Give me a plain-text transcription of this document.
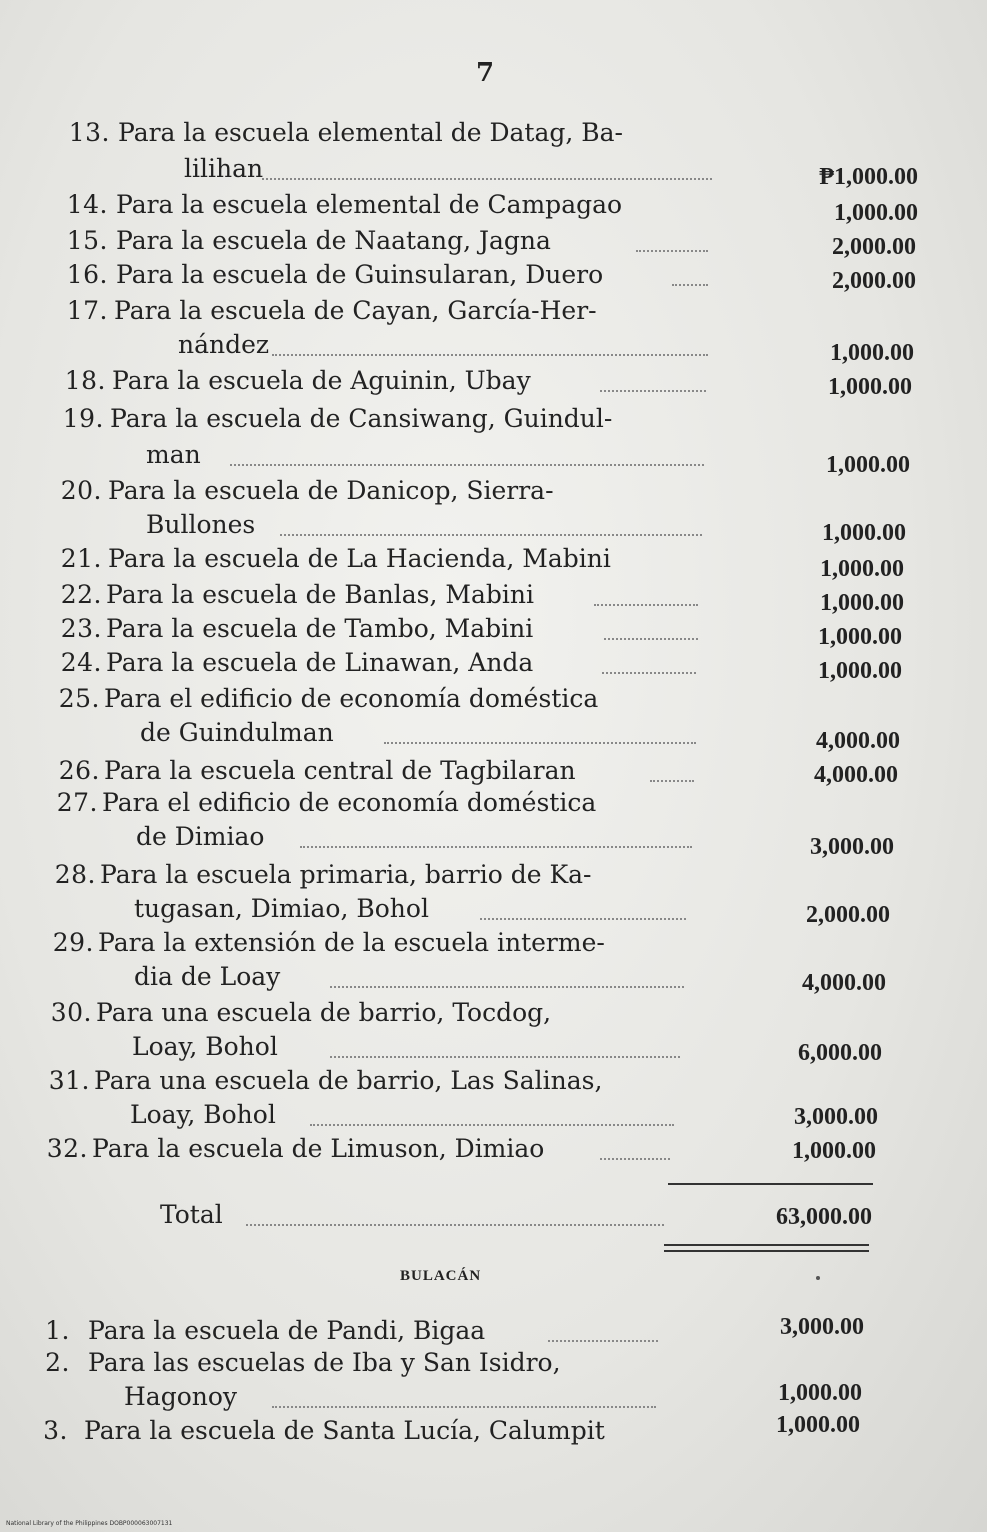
7
13. Para la escuela elemental de Datag, Ba-
lilihan	₱1,000.00
14. Para la escuela elemental de Campagao	1,000.00
15. Para la escuela de Naatang, Jagna	2,000.00
16. Para la escuela de Guinsularan, Duero	2,000.00
17. Para la escuela de Cayan, García-Her-
nández	1,000.00
18. Para la escuela de Aguinin, Ubay	1,000.00
19. Para la escuela de Cansiwang, Guindul-
man	1,000.00
20. Para la escuela de Danicop, Sierra-
Bullones	1,000.00
21. Para la escuela de La Hacienda, Mabini	1,000.00
22. Para la escuela de Banlas, Mabini	1,000.00
23. Para la escuela de Tambo, Mabini	1,000.00
24. Para la escuela de Linawan, Anda	1,000.00
25. Para el edificio de economía doméstica
de Guindulman	4,000.00
26. Para la escuela central de Tagbilaran	4,000.00
27. Para el edificio de economía doméstica
de Dimiao	3,000.00
28. Para la escuela primaria, barrio de Ka-
tugasan, Dimiao, Bohol	2,000.00
29. Para la extensión de la escuela interme-
dia de Loay	4,000.00
30. Para una escuela de barrio, Tocdog,
Loay, Bohol	6,000.00
31. Para una escuela de barrio, Las Salinas,
Loay, Bohol	3,000.00
32. Para la escuela de Limuson, Dimiao	1,000.00
Total	63,000.00
BULACÁN
1. Para la escuela de Pandi, Bigaa	3,000.00
2. Para las escuelas de Iba y San Isidro,
Hagonoy	1,000.00
3. Para la escuela de Santa Lucía, Calumpit	1,000.00
National Library of the Philippines DOBP000063007131
